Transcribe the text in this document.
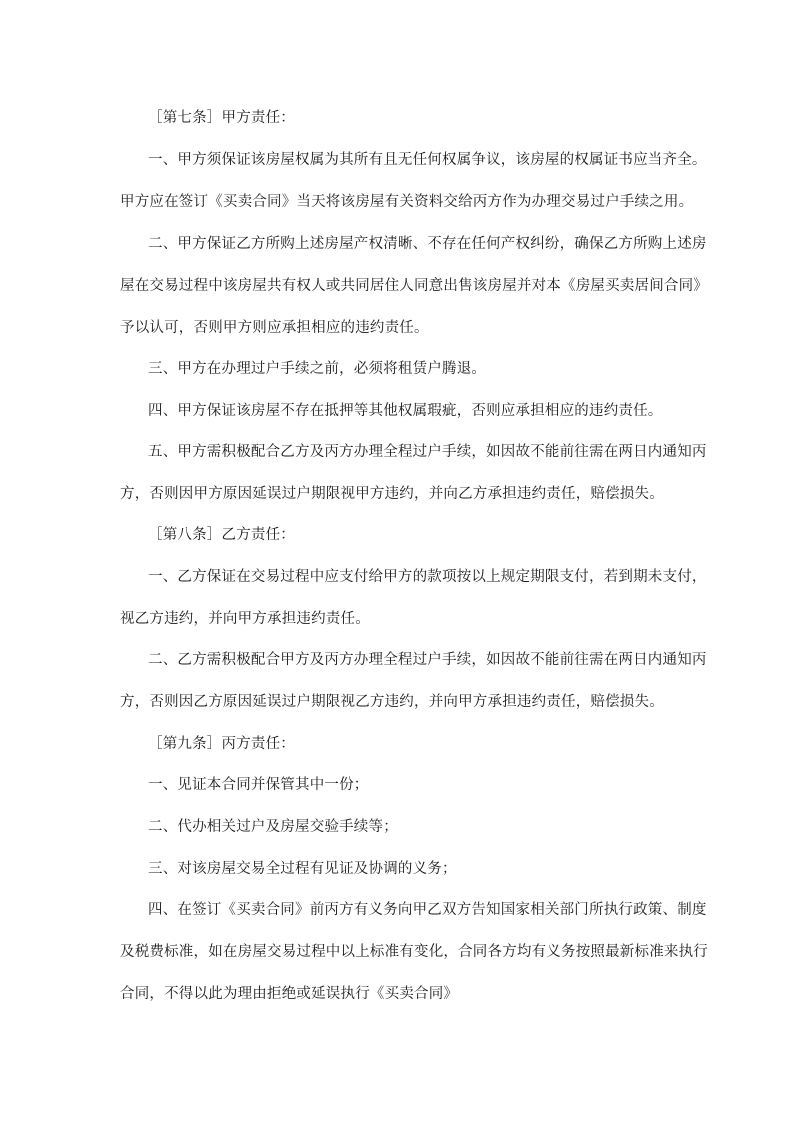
［第七条］甲方责任：
一、甲方须保证该房屋权属为其所有且无任何权属争议，该房屋的权属证书应当齐全。
甲方应在签订《买卖合同》当天将该房屋有关资料交给丙方作为办理交易过户手续之用。
二、甲方保证乙方所购上述房屋产权清晰、不存在任何产权纠纷，确保乙方所购上述房
屋在交易过程中该房屋共有权人或共同居住人同意出售该房屋并对本《房屋买卖居间合同》
予以认可，否则甲方则应承担相应的违约责任。
三、甲方在办理过户手续之前，必须将租赁户腾退。
四、甲方保证该房屋不存在抵押等其他权属瑕疵，否则应承担相应的违约责任。
五、甲方需积极配合乙方及丙方办理全程过户手续，如因故不能前往需在两日内通知丙
方，否则因甲方原因延误过户期限视甲方违约，并向乙方承担违约责任，赔偿损失。
［第八条］乙方责任：
一、乙方保证在交易过程中应支付给甲方的款项按以上规定期限支付，若到期未支付，
视乙方违约，并向甲方承担违约责任。
二、乙方需积极配合甲方及丙方办理全程过户手续，如因故不能前往需在两日内通知丙
方，否则因乙方原因延误过户期限视乙方违约，并向甲方承担违约责任，赔偿损失。
［第九条］丙方责任：
一、见证本合同并保管其中一份；
二、代办相关过户及房屋交验手续等；
三、对该房屋交易全过程有见证及协调的义务；
四、在签订《买卖合同》前丙方有义务向甲乙双方告知国家相关部门所执行政策、制度
及税费标准，如在房屋交易过程中以上标准有变化，合同各方均有义务按照最新标准来执行
合同，不得以此为理由拒绝或延误执行《买卖合同》
